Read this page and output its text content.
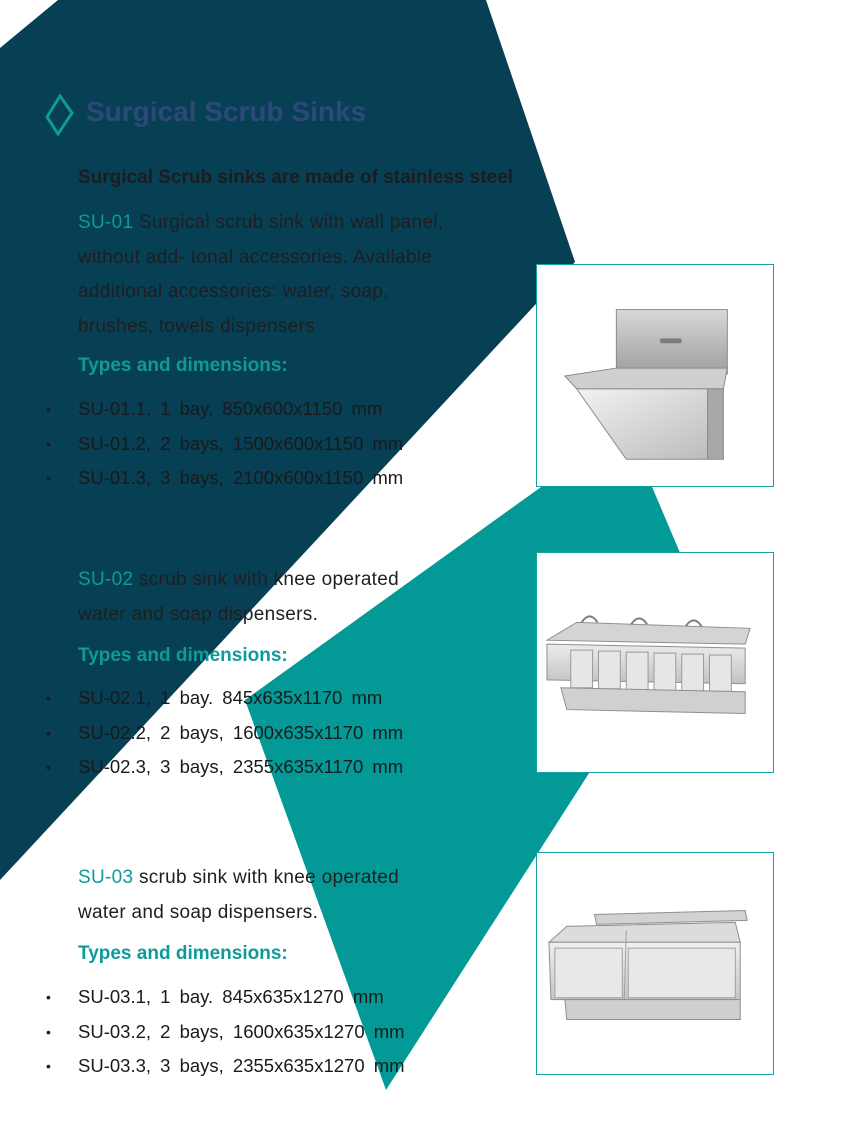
Surgical Scrub Sinks
Surgical Scrub sinks are made of stainless steel
SU-01 Surgical scrub sink with wall panel,
without add- tonal accessories. Available
additional accessories: water, soap,
brushes, towels dispensers
Types and dimensions:
• SU-01.1, 1 bay, 850x600x1150 mm
• SU-01.2, 2 bays, 1500x600x1150 mm
• SU-01.3, 3 bays, 2100x600x1150 mm
SU-02 scrub sink with knee operated
water and soap dispensers.
Types and dimensions:
• SU-02.1, 1 bay. 845x635x1170 mm
• SU-02.2, 2 bays, 1600x635x1170 mm
• SU-02.3, 3 bays, 2355x635x1170 mm
SU-03 scrub sink with knee operated
water and soap dispensers.
Types and dimensions:
• SU-03.1, 1 bay. 845x635x1270 mm
• SU-03.2, 2 bays, 1600x635x1270 mm
• SU-03.3, 3 bays, 2355x635x1270 mm
